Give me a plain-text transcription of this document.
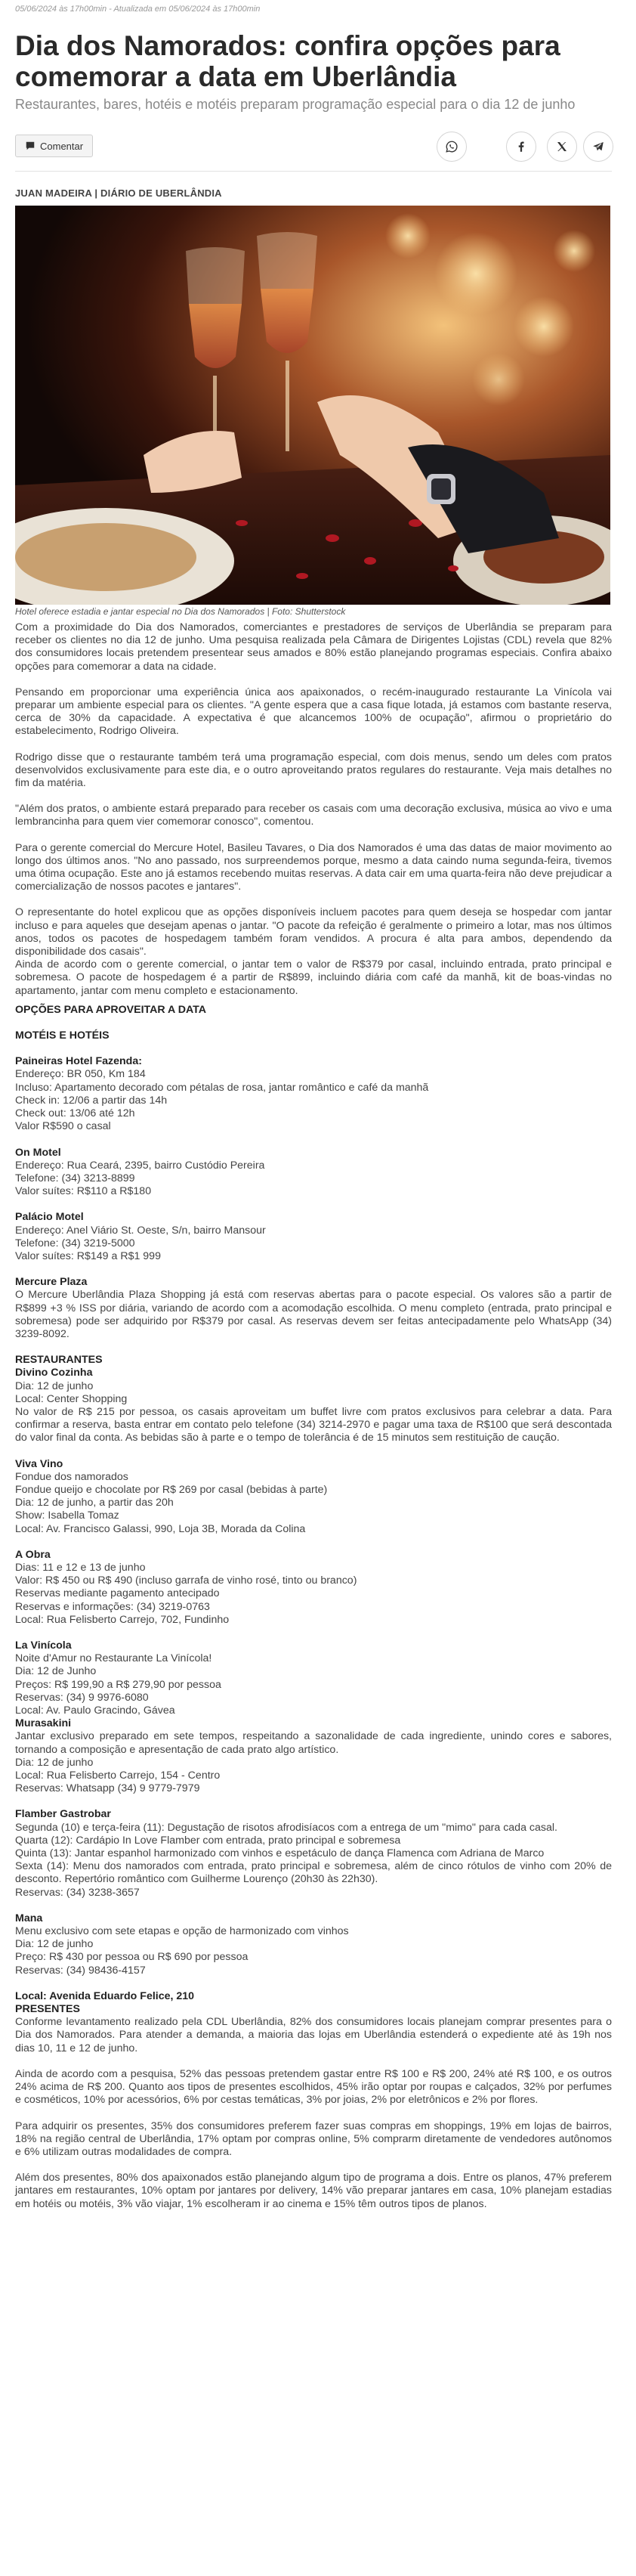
05/06/2024 às 17h00min - Atualizada em 05/06/2024 às 17h00min
Dia dos Namorados: confira opções para comemorar a data em Uberlândia
Restaurantes, bares, hotéis e motéis preparam programação especial para o dia 12 de junho
Comentar
JUAN MADEIRA | DIÁRIO DE UBERLÂNDIA
Hotel oferece estadia e jantar especial no Dia dos Namorados | Foto: Shutterstock

Com a proximidade do Dia dos Namorados, comerciantes e prestadores de serviços de Uberlândia se preparam para receber os clientes no dia 12 de junho. Uma pesquisa realizada pela Câmara de Dirigentes Lojistas (CDL) revela que 82% dos consumidores locais pretendem presentear seus amados e 80% estão planejando programas especiais. Confira abaixo opções para comemorar a data na cidade.

Pensando em proporcionar uma experiência única aos apaixonados, o recém-inaugurado restaurante La Vinícola vai preparar um ambiente especial para os clientes. "A gente espera que a casa fique lotada, já estamos com bastante reserva, cerca de 30% da capacidade. A expectativa é que alcancemos 100% de ocupação", afirmou o proprietário do estabelecimento, Rodrigo Oliveira.

Rodrigo disse que o restaurante também terá uma programação especial, com dois menus, sendo um deles com pratos desenvolvidos exclusivamente para este dia, e o outro aproveitando pratos regulares do restaurante. Veja mais detalhes no fim da matéria.

"Além dos pratos, o ambiente estará preparado para receber os casais com uma decoração exclusiva, música ao vivo e uma lembrancinha para quem vier comemorar conosco", comentou.

Para o gerente comercial do Mercure Hotel, Basileu Tavares, o Dia dos Namorados é uma das datas de maior movimento ao longo dos últimos anos. "No ano passado, nos surpreendemos porque, mesmo a data caindo numa segunda-feira, tivemos uma ótima ocupação. Este ano já estamos recebendo muitas reservas. A data cair em uma quarta-feira não deve prejudicar a comercialização de nossos pacotes e jantares".

O representante do hotel explicou que as opções disponíveis incluem pacotes para quem deseja se hospedar com jantar incluso e para aqueles que desejam apenas o jantar. "O pacote da refeição é geralmente o primeiro a lotar, mas nos últimos anos, todos os pacotes de hospedagem também foram vendidos. A procura é alta para ambos, dependendo da disponibilidade dos casais".

Ainda de acordo com o gerente comercial, o jantar tem o valor de R$379 por casal, incluindo entrada, prato principal e sobremesa. O pacote de hospedagem é a partir de R$899, incluindo diária com café da manhã, kit de boas-vindas no apartamento, jantar com menu completo e estacionamento.

OPÇÕES PARA APROVEITAR A DATA
MOTÉIS E HOTÉIS
Paineiras Hotel Fazenda:
Endereço: BR 050, Km 184
Incluso: Apartamento decorado com pétalas de rosa, jantar romântico e café da manhã
Check in: 12/06 a partir das 14h
Check out: 13/06 até 12h
Valor R$590 o casal
On Motel
Endereço: Rua Ceará, 2395, bairro Custódio Pereira
Telefone: (34) 3213-8899
Valor suítes: R$110 a R$180
Palácio Motel
Endereço: Anel Viário St. Oeste, S/n, bairro Mansour
Telefone: (34) 3219-5000
Valor suítes: R$149 a R$1 999
Mercure Plaza

O Mercure Uberlândia Plaza Shopping já está com reservas abertas para o pacote especial. Os valores são a partir de R$899 +3 % ISS por diária, variando de acordo com a acomodação escolhida. O menu completo (entrada, prato principal e sobremesa) pode ser adquirido por R$379 por casal. As reservas devem ser feitas antecipadamente pelo WhatsApp (34) 3239-8092.

RESTAURANTES
Divino Cozinha
Dia: 12 de junho
Local: Center Shopping

No valor de R$ 215 por pessoa, os casais aproveitam um buffet livre com pratos exclusivos para celebrar a data. Para confirmar a reserva, basta entrar em contato pelo telefone (34) 3214-2970 e pagar uma taxa de R$100 que será descontada do valor final da conta. As bebidas são à parte e o tempo de tolerância é de 15 minutos sem restituição de caução.

Viva Vino
Fondue dos namorados
Fondue queijo e chocolate por R$ 269 por casal (bebidas à parte)
Dia: 12 de junho, a partir das 20h
Show: Isabella Tomaz
Local: Av. Francisco Galassi, 990, Loja 3B, Morada da Colina
A Obra
Dias: 11 e 12 e 13 de junho
Valor: R$ 450 ou R$ 490 (incluso garrafa de vinho rosé, tinto ou branco)
Reservas mediante pagamento antecipado
Reservas e informações: (34) 3219-0763
Local: Rua Felisberto Carrejo, 702, Fundinho
La Vinícola
Noite d'Amur no Restaurante La Vinícola!
Dia: 12 de Junho
Preços: R$ 199,90 a R$ 279,90 por pessoa
Reservas: (34) 9 9976-6080
Local: Av. Paulo Gracindo, Gávea
Murasakini

Jantar exclusivo preparado em sete tempos, respeitando a sazonalidade de cada ingrediente, unindo cores e sabores, tornando a composição e apresentação de cada prato algo artístico.

Dia: 12 de junho
Local: Rua Felisberto Carrejo, 154 - Centro
Reservas: Whatsapp (34) 9 9779-7979
Flamber Gastrobar

Segunda (10) e terça-feira (11): Degustação de risotos afrodisíacos com a entrega de um "mimo" para cada casal.

Quarta (12): Cardápio In Love Flamber com entrada, prato principal e sobremesa

Quinta (13): Jantar espanhol harmonizado com vinhos e espetáculo de dança Flamenca com Adriana de Marco

Sexta (14): Menu dos namorados com entrada, prato principal e sobremesa, além de cinco rótulos de vinho com 20% de desconto. Repertório romântico com Guilherme Lourenço (20h30 às 22h30).

Reservas: (34) 3238-3657
Mana
Menu exclusivo com sete etapas e opção de harmonizado com vinhos
Dia: 12 de junho
Preço: R$ 430 por pessoa ou R$ 690 por pessoa
Reservas: (34) 98436-4157
Local: Avenida Eduardo Felice, 210
PRESENTES

Conforme levantamento realizado pela CDL Uberlândia, 82% dos consumidores locais planejam comprar presentes para o Dia dos Namorados. Para atender a demanda, a maioria das lojas em Uberlândia estenderá o expediente até às 19h nos dias 10, 11 e 12 de junho.

Ainda de acordo com a pesquisa, 52% das pessoas pretendem gastar entre R$ 100 e R$ 200, 24% até R$ 100, e os outros 24% acima de R$ 200. Quanto aos tipos de presentes escolhidos, 45% irão optar por roupas e calçados, 32% por perfumes e cosméticos, 10% por acessórios, 6% por cestas temáticas, 3% por joias, 2% por eletrônicos e 2% por flores.

Para adquirir os presentes, 35% dos consumidores preferem fazer suas compras em shoppings, 19% em lojas de bairros, 18% na região central de Uberlândia, 17% optam por compras online, 5% comprarm diretamente de vendedores autônomos e 6% utilizam outras modalidades de compra.

Além dos presentes, 80% dos apaixonados estão planejando algum tipo de programa a dois. Entre os planos, 47% preferem jantares em restaurantes, 10% optam por jantares por delivery, 14% vão preparar jantares em casa, 10% planejam estadias em hotéis ou motéis, 3% vão viajar, 1% escolheram ir ao cinema e 15% têm outros tipos de planos.
